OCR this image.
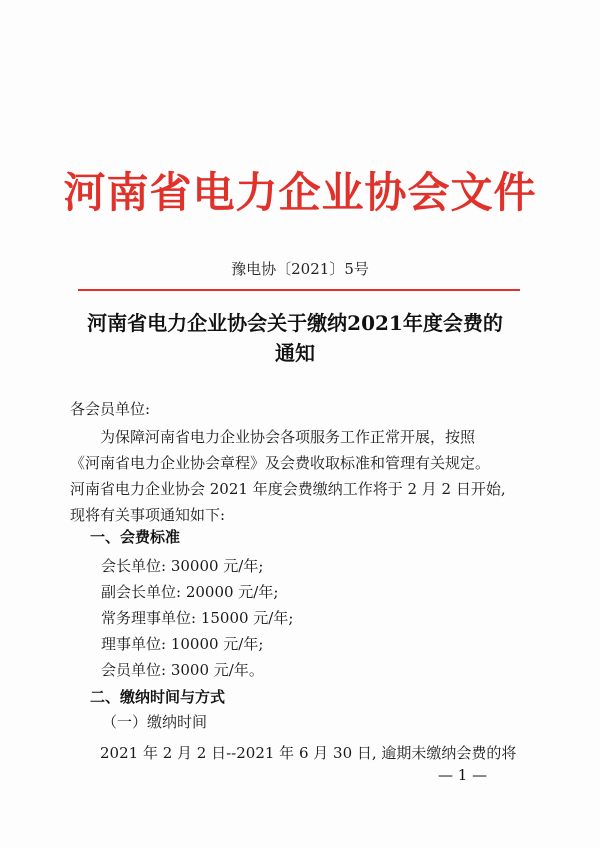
河南省电力企业协会文件
豫电协〔2021〕5号
河南省电力企业协会关于缴纳2021年度会费的
通知
各会员单位:
为保障河南省电力企业协会各项服务工作正常开展，按照
《河南省电力企业协会章程》及会费收取标准和管理有关规定。
河南省电力企业协会 2021 年度会费缴纳工作将于 2 月 2 日开始,
现将有关事项通知如下:
一、会费标准
会长单位: 30000 元/年;
副会长单位: 20000 元/年;
常务理事单位: 15000 元/年;
理事单位: 10000 元/年;
会员单位: 3000 元/年。
二、缴纳时间与方式
（一）缴纳时间
2021 年 2 月 2 日--2021 年 6 月 30 日, 逾期未缴纳会费的将
— 1 —
